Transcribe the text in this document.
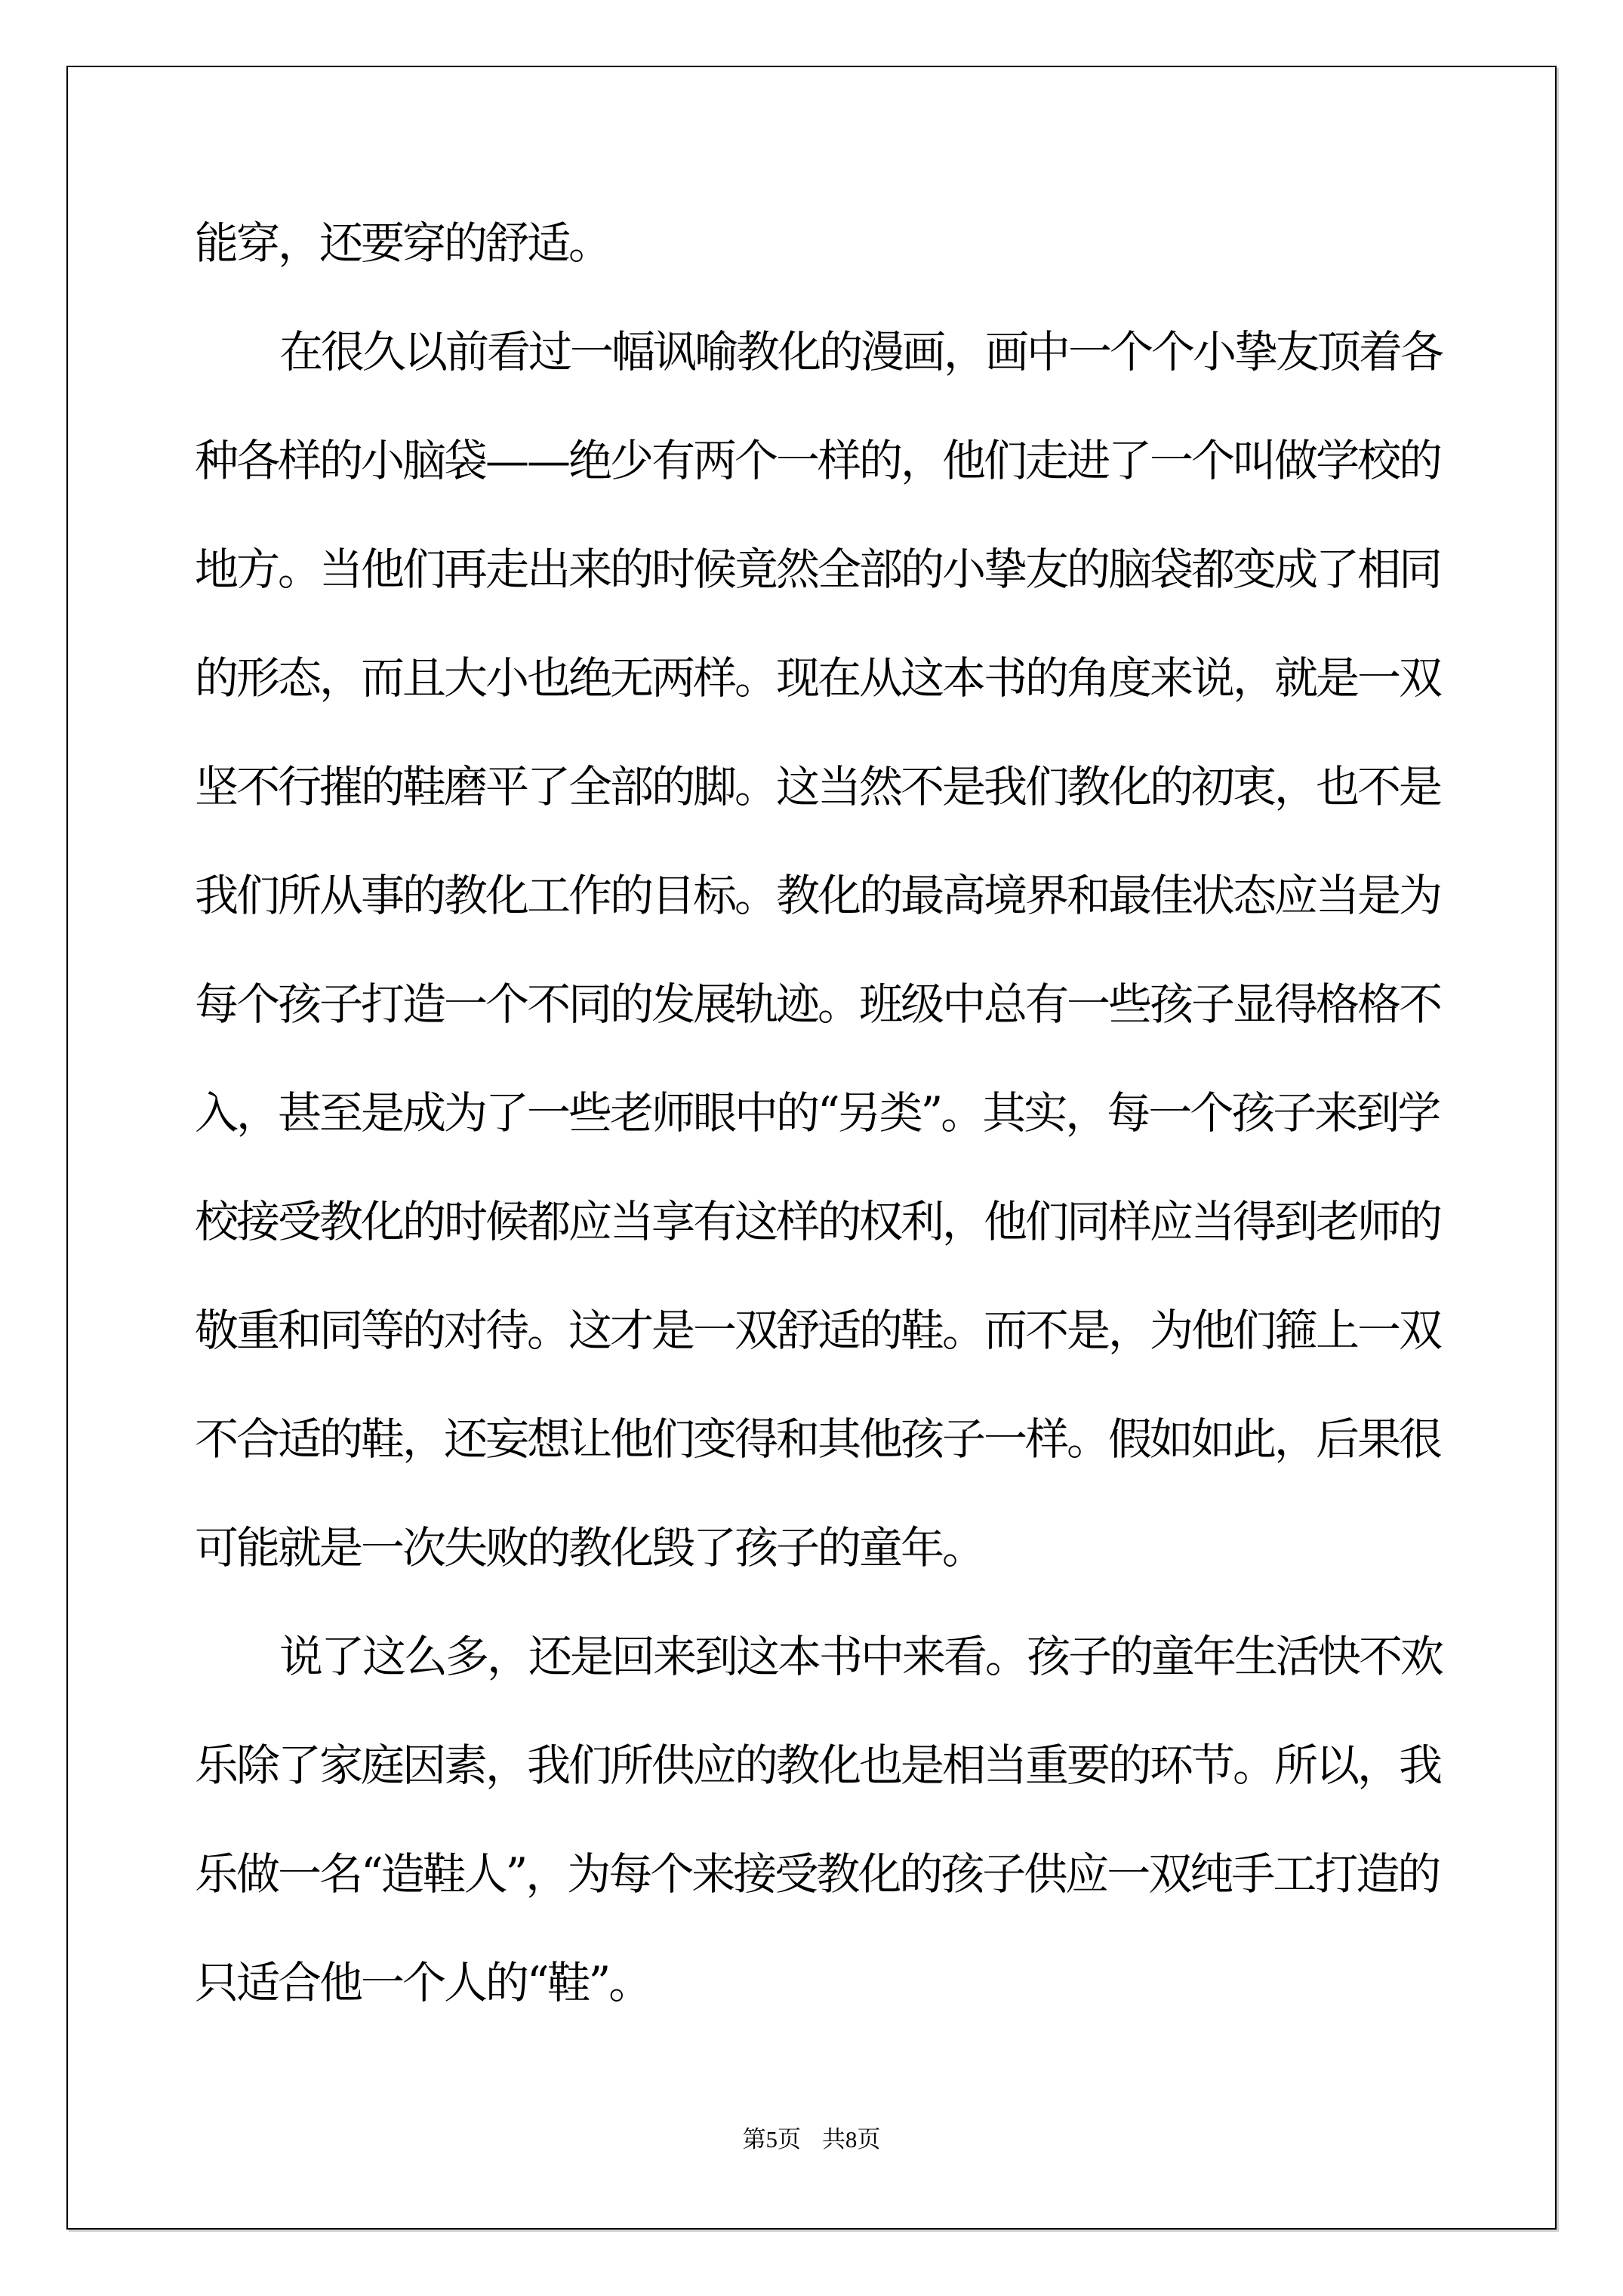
能穿，还要穿的舒适。
在很久以前看过一幅讽喻教化的漫画，画中一个个小挚友顶着各
种各样的小脑袋——绝少有两个一样的，他们走进了一个叫做学校的
地方。当他们再走出来的时候竟然全部的小挚友的脑袋都变成了相同
的形态，而且大小也绝无两样。现在从这本书的角度来说，就是一双
坚不行摧的鞋磨平了全部的脚。这当然不是我们教化的初衷，也不是
我们所从事的教化工作的目标。教化的最高境界和最佳状态应当是为
每个孩子打造一个不同的发展轨迹。班级中总有一些孩子显得格格不
入，甚至是成为了一些老师眼中的“另类”。其实，每一个孩子来到学
校接受教化的时候都应当享有这样的权利，他们同样应当得到老师的
敬重和同等的对待。这才是一双舒适的鞋。而不是，为他们箍上一双
不合适的鞋，还妄想让他们变得和其他孩子一样。假如如此，后果很
可能就是一次失败的教化毁了孩子的童年。
说了这么多，还是回来到这本书中来看。孩子的童年生活快不欢
乐除了家庭因素，我们所供应的教化也是相当重要的环节。所以，我
乐做一名“造鞋人”，为每个来接受教化的孩子供应一双纯手工打造的
只适合他一个人的“鞋”。
第5页 共8页
